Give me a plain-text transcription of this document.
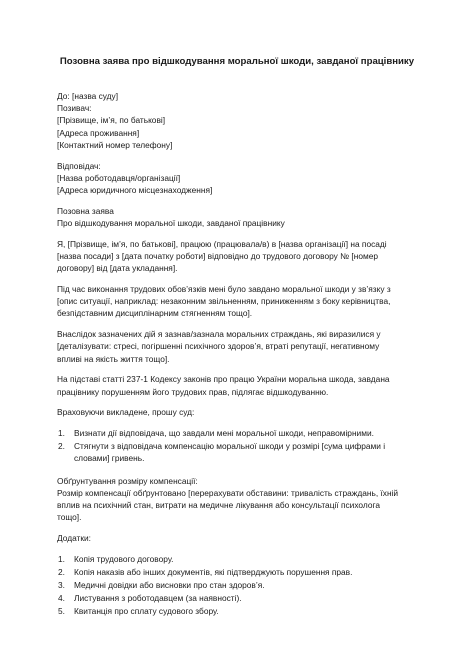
Позовна заява про відшкодування моральної шкоди, завданої працівнику
До: [назва суду]
Позивач:
[Прізвище, ім’я, по батькові]
[Адреса проживання]
[Контактний номер телефону]
Відповідач:
[Назва роботодавця/організації]
[Адреса юридичного місцезнаходження]
Позовна заява
Про відшкодування моральної шкоди, завданої працівнику
Я, [Прізвище, ім’я, по батькові], працюю (працювала/в) в [назва організації] на посаді
[назва посади] з [дата початку роботи] відповідно до трудового договору № [номер
договору] від [дата укладання].
Під час виконання трудових обов’язків мені було завдано моральної шкоди у зв’язку з
[опис ситуації, наприклад: незаконним звільненням, приниженням з боку керівництва,
безпідставним дисциплінарним стягненням тощо].
Внаслідок зазначених дій я зазнав/зазнала моральних страждань, які виразилися у
[деталізувати: стресі, погіршенні психічного здоров’я, втраті репутації, негативному
впливі на якість життя тощо].
На підставі статті 237-1 Кодексу законів про працю України моральна шкода, завдана
працівнику порушенням його трудових прав, підлягає відшкодуванню.
Враховуючи викладене, прошу суд:
1. Визнати дії відповідача, що завдали мені моральної шкоди, неправомірними.
2. Стягнути з відповідача компенсацію моральної шкоди у розмірі [сума цифрами і
словами] гривень.
Обґрунтування розміру компенсації:
Розмір компенсації обґрунтовано [перерахувати обставини: тривалість страждань, їхній
вплив на психічний стан, витрати на медичне лікування або консультації психолога
тощо].
Додатки:
1. Копія трудового договору.
2. Копія наказів або інших документів, які підтверджують порушення прав.
3. Медичні довідки або висновки про стан здоров’я.
4. Листування з роботодавцем (за наявності).
5. Квитанція про сплату судового збору.
